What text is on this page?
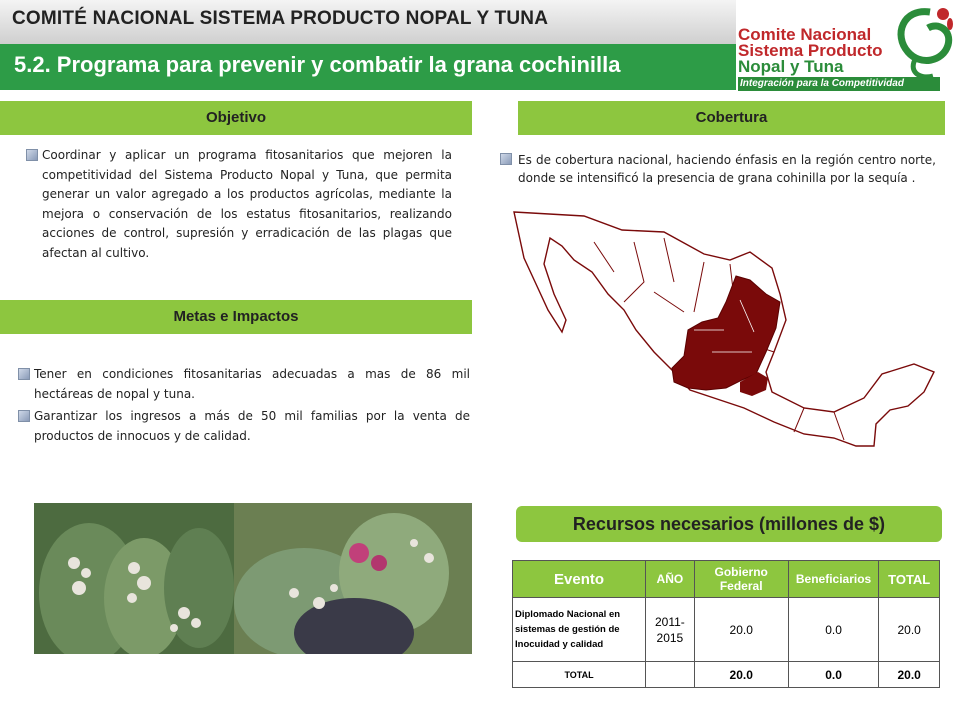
COMITÉ NACIONAL SISTEMA PRODUCTO NOPAL Y TUNA
5.2. Programa para prevenir y combatir la grana cochinilla
Comite Nacional
Sistema Producto
Nopal y Tuna
Integración para la Competitividad
Objetivo
Coordinar y aplicar un programa fitosanitarios que mejoren la competitividad del Sistema Producto Nopal y Tuna, que permita generar un valor agregado a los productos agrícolas, mediante la mejora o conservación de los estatus fitosanitarios, realizando acciones de control, supresión y erradicación de las plagas que afectan al cultivo.
Cobertura
Es de cobertura nacional, haciendo énfasis en la región centro norte, donde se intensificó la presencia de grana cohinilla por la sequía .
Metas e Impactos
Tener en condiciones fitosanitarias adecuadas a mas de 86 mil hectáreas de nopal y tuna.
Garantizar los ingresos a más de 50 mil familias por la venta de productos de innocuos y de calidad.
Recursos necesarios (millones de $)
Evento	AÑO	Gobierno Federal	Beneficiarios	TOTAL
Diplomado Nacional en sistemas de gestión de Inocuidad y calidad	2011-2015	20.0	0.0	20.0
TOTAL		20.0	0.0	20.0
